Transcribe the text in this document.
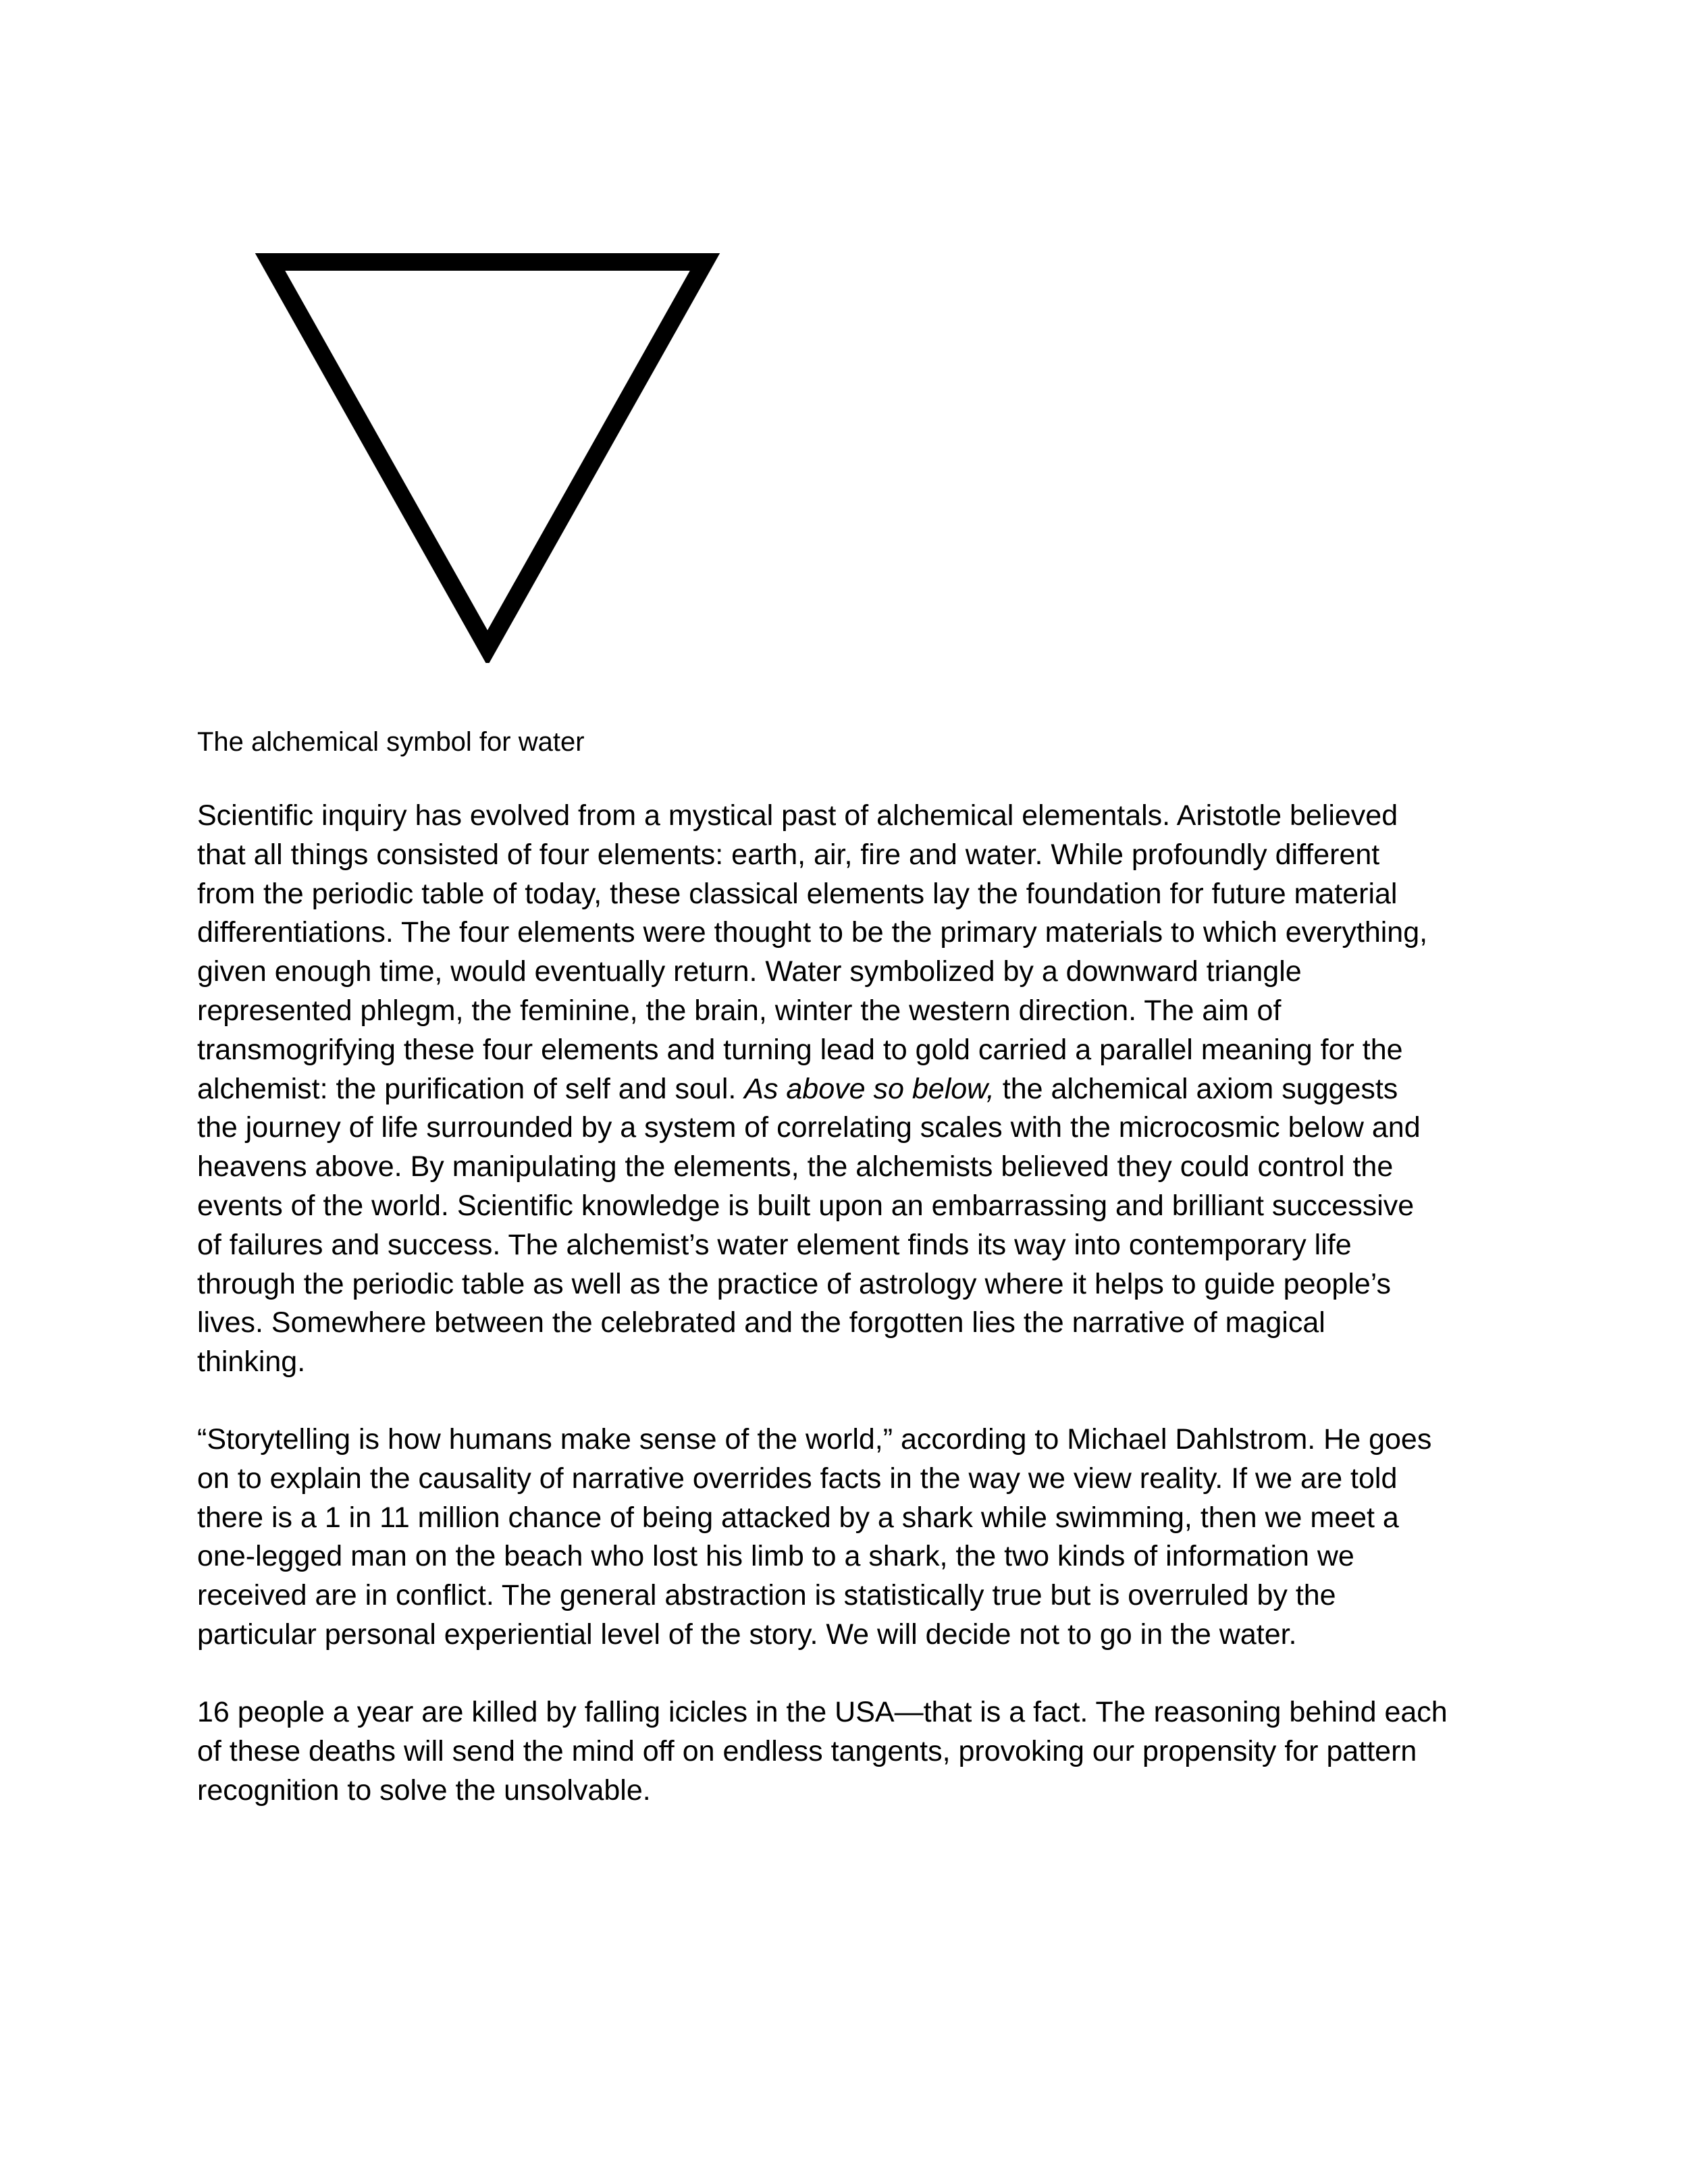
The alchemical symbol for water

Scientific inquiry has evolved from a mystical past of alchemical elementals. Aristotle believed
that all things consisted of four elements: earth, air, fire and water. While profoundly different
from the periodic table of today, these classical elements lay the foundation for future material
differentiations. The four elements were thought to be the primary materials to which everything,
given enough time, would eventually return. Water symbolized by a downward triangle
represented phlegm, the feminine, the brain, winter the western direction. The aim of
transmogrifying these four elements and turning lead to gold carried a parallel meaning for the
alchemist: the purification of self and soul. As above so below, the alchemical axiom suggests
the journey of life surrounded by a system of correlating scales with the microcosmic below and
heavens above. By manipulating the elements, the alchemists believed they could control the
events of the world. Scientific knowledge is built upon an embarrassing and brilliant successive
of failures and success. The alchemist’s water element finds its way into contemporary life
through the periodic table as well as the practice of astrology where it helps to guide people’s
lives. Somewhere between the celebrated and the forgotten lies the narrative of magical
thinking.

“Storytelling is how humans make sense of the world,” according to Michael Dahlstrom. He goes
on to explain the causality of narrative overrides facts in the way we view reality. If we are told
there is a 1 in 11 million chance of being attacked by a shark while swimming, then we meet a
one-legged man on the beach who lost his limb to a shark, the two kinds of information we
received are in conflict. The general abstraction is statistically true but is overruled by the
particular personal experiential level of the story. We will decide not to go in the water.

16 people a year are killed by falling icicles in the USA—that is a fact. The reasoning behind each
of these deaths will send the mind off on endless tangents, provoking our propensity for pattern
recognition to solve the unsolvable.
